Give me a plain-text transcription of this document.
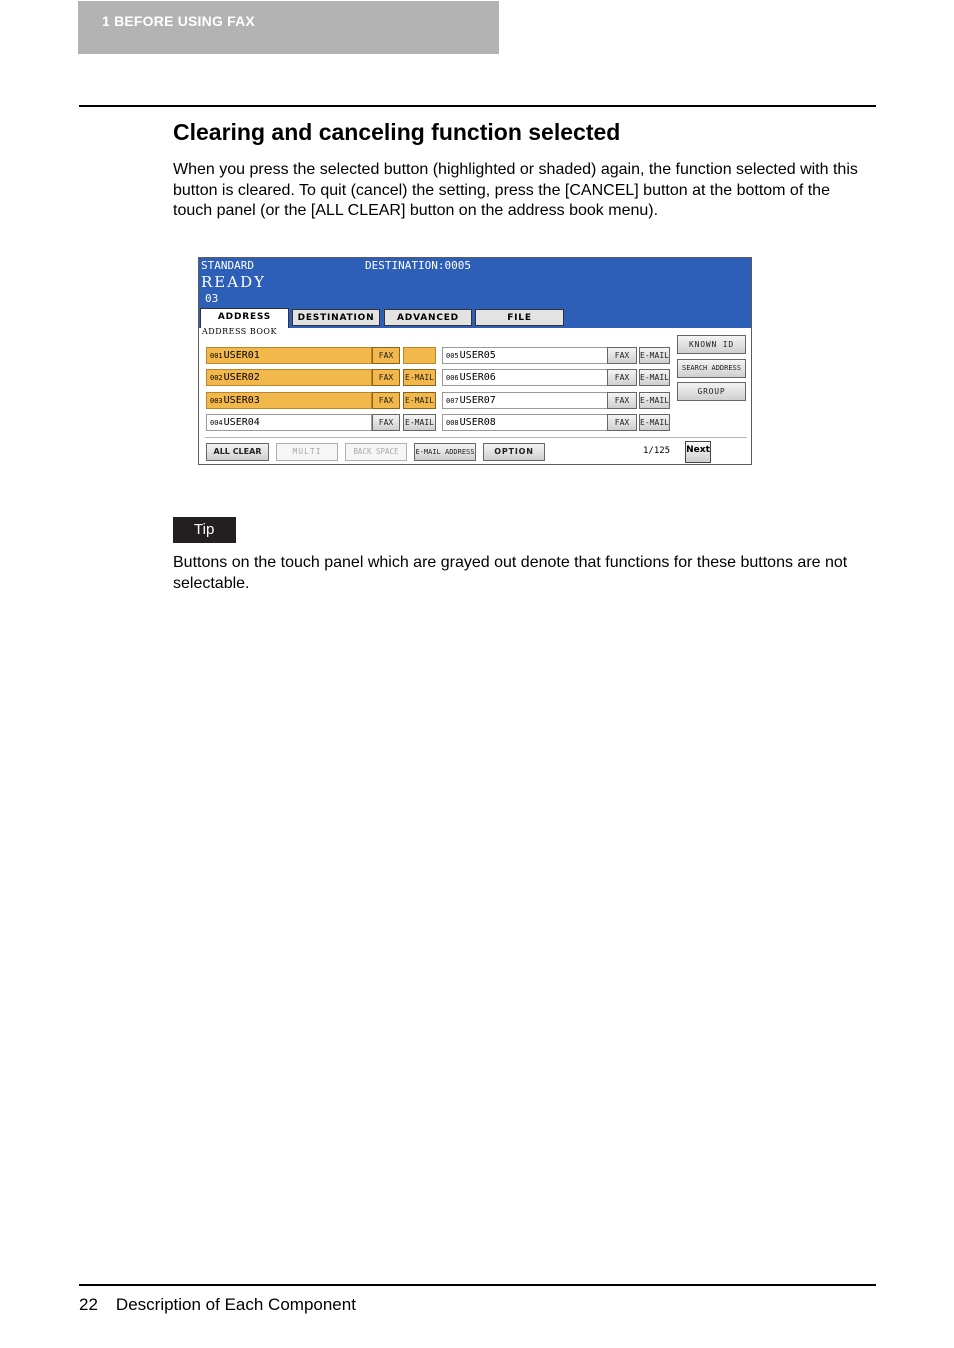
1 BEFORE USING FAX
Clearing and canceling function selected

When you press the selected button (highlighted or shaded) again, the function selected with this button is cleared. To quit (cancel) the setting, press the [CANCEL] button at the bottom of the touch panel (or the [ALL CLEAR] button on the address book menu).

STANDARD	DESTINATION:0005
READY
03
ADDRESS	DESTINATION	ADVANCED	FILE
ADDRESS BOOK
001USER01	FAX
002USER02	FAX	E-MAIL
003USER03	FAX	E-MAIL
004USER04	FAX	E-MAIL
005USER05	FAX	E-MAIL
006USER06	FAX	E-MAIL
007USER07	FAX	E-MAIL
008USER08	FAX	E-MAIL
KNOWN ID
SEARCH ADDRESS
GROUP
ALL CLEAR	MULTI	BACK SPACE	E-MAIL ADDRESS	OPTION	1/125 Next
Tip

Buttons on the touch panel which are grayed out denote that functions for these buttons are not selectable.

22 Description of Each Component
